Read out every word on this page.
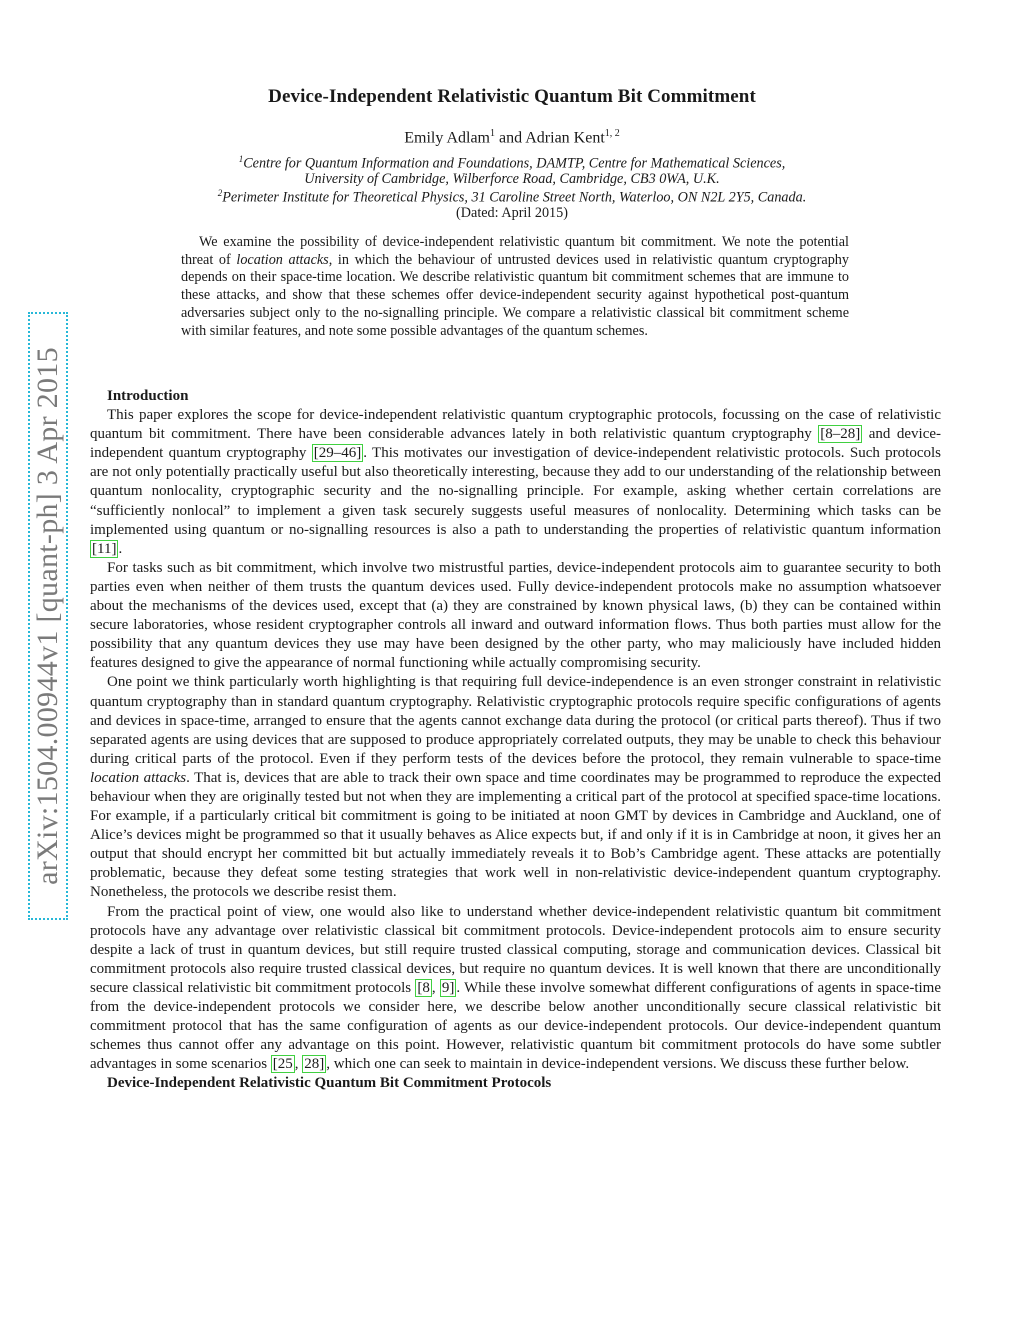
arXiv:1504.00944v1 [quant-ph] 3 Apr 2015
Device-Independent Relativistic Quantum Bit Commitment
Emily Adlam$^1$ and Adrian Kent$^{1, 2}$
$^1$Centre for Quantum Information and Foundations, DAMTP, Centre for Mathematical Sciences,
University of Cambridge, Wilberforce Road, Cambridge, CB3 0WA, U.K.
$^2$Perimeter Institute for Theoretical Physics, 31 Caroline Street North, Waterloo, ON N2L 2Y5, Canada.
(Dated: April 2015)
We examine the possibility of device-independent relativistic quantum bit commitment. We note the potential threat of location attacks, in which the behaviour of untrusted devices used in relativistic quantum cryptography depends on their space-time location. We describe relativistic quantum bit commitment schemes that are immune to these attacks, and show that these schemes offer device-independent security against hypothetical post-quantum adversaries subject only to the no-signalling principle. We compare a relativistic classical bit commitment scheme with similar features, and note some possible advantages of the quantum schemes.
Introduction

This paper explores the scope for device-independent relativistic quantum cryptographic protocols, focussing on the case of relativistic quantum bit commitment. There have been considerable advances lately in both relativistic quantum cryptography [8–28] and device-independent quantum cryptography [29–46] . This motivates our investigation of device-independent relativistic protocols. Such protocols are not only potentially practically useful but also theoretically interesting, because they add to our understanding of the relationship between quantum nonlocality, cryptographic security and the no-signalling principle. For example, asking whether certain correlations are “sufficiently nonlocal” to implement a given task securely suggests useful measures of nonlocality. Determining which tasks can be implemented using quantum or no-signalling resources is also a path to understanding the properties of relativistic quantum information [11] .

For tasks such as bit commitment, which involve two mistrustful parties, device-independent protocols aim to guarantee security to both parties even when neither of them trusts the quantum devices used. Fully device-independent protocols make no assumption whatsoever about the mechanisms of the devices used, except that (a) they are constrained by known physical laws, (b) they can be contained within secure laboratories, whose resident cryptographer controls all inward and outward information flows. Thus both parties must allow for the possibility that any quantum devices they use may have been designed by the other party, who may maliciously have included hidden features designed to give the appearance of normal functioning while actually compromising security.

One point we think particularly worth highlighting is that requiring full device-independence is an even stronger constraint in relativistic quantum cryptography than in standard quantum cryptography. Relativistic cryptographic protocols require specific configurations of agents and devices in space-time, arranged to ensure that the agents cannot exchange data during the protocol (or critical parts thereof). Thus if two separated agents are using devices that are supposed to produce appropriately correlated outputs, they may be unable to check this behaviour during critical parts of the protocol. Even if they perform tests of the devices before the protocol, they remain vulnerable to space-time location attacks. That is, devices that are able to track their own space and time coordinates may be programmed to reproduce the expected behaviour when they are originally tested but not when they are implementing a critical part of the protocol at specified space-time locations. For example, if a particularly critical bit commitment is going to be initiated at noon GMT by devices in Cambridge and Auckland, one of Alice’s devices might be programmed so that it usually behaves as Alice expects but, if and only if it is in Cambridge at noon, it gives her an output that should encrypt her committed bit but actually immediately reveals it to Bob’s Cambridge agent. These attacks are potentially problematic, because they defeat some testing strategies that work well in non-relativistic device-independent quantum cryptography. Nonetheless, the protocols we describe resist them.

From the practical point of view, one would also like to understand whether device-independent relativistic quantum bit commitment protocols have any advantage over relativistic classical bit commitment protocols. Device-independent protocols aim to ensure security despite a lack of trust in quantum devices, but still require trusted classical computing, storage and communication devices. Classical bit commitment protocols also require trusted classical devices, but require no quantum devices. It is well known that there are unconditionally secure classical relativistic bit commitment protocols [8 , 9] . While these involve somewhat different configurations of agents in space-time from the device-independent protocols we consider here, we describe below another unconditionally secure classical relativistic bit commitment protocol that has the same configuration of agents as our device-independent protocols. Our device-independent quantum schemes thus cannot offer any advantage on this point. However, relativistic quantum bit commitment protocols do have some subtler advantages in some scenarios [25 , 28] , which one can seek to maintain in device-independent versions. We discuss these further below.

Device-Independent Relativistic Quantum Bit Commitment Protocols
